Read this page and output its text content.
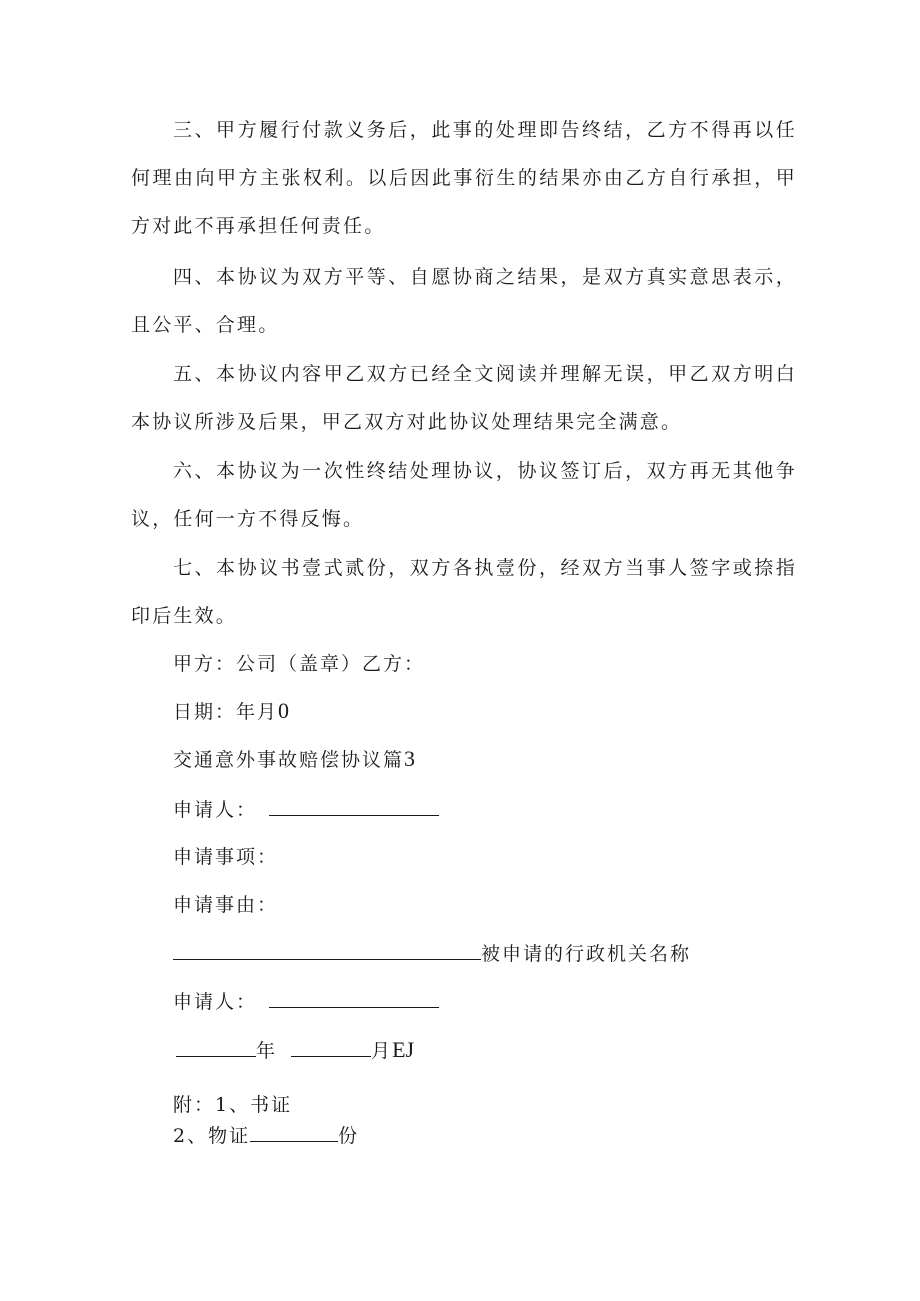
三、甲方履行付款义务后，此事的处理即告终结，乙方不得再以任何理由向甲方主张权利。以后因此事衍生的结果亦由乙方自行承担，甲方对此不再承担任何责任。

四、本协议为双方平等、自愿协商之结果，是双方真实意思表示，且公平、合理。

五、本协议内容甲乙双方已经全文阅读并理解无误，甲乙双方明白本协议所涉及后果，甲乙双方对此协议处理结果完全满意。

六、本协议为一次性终结处理协议，协议签订后，双方再无其他争议，任何一方不得反悔。

七、本协议书壹式贰份，双方各执壹份，经双方当事人签字或捺指印后生效。

甲方：公司（盖章）乙方：

日期：年月0

交通意外事故赔偿协议篇3

申请人：

申请事项：

申请事由：

被申请的行政机关名称

申请人：

年	月EJ

附：1、书证

2、物证	份
